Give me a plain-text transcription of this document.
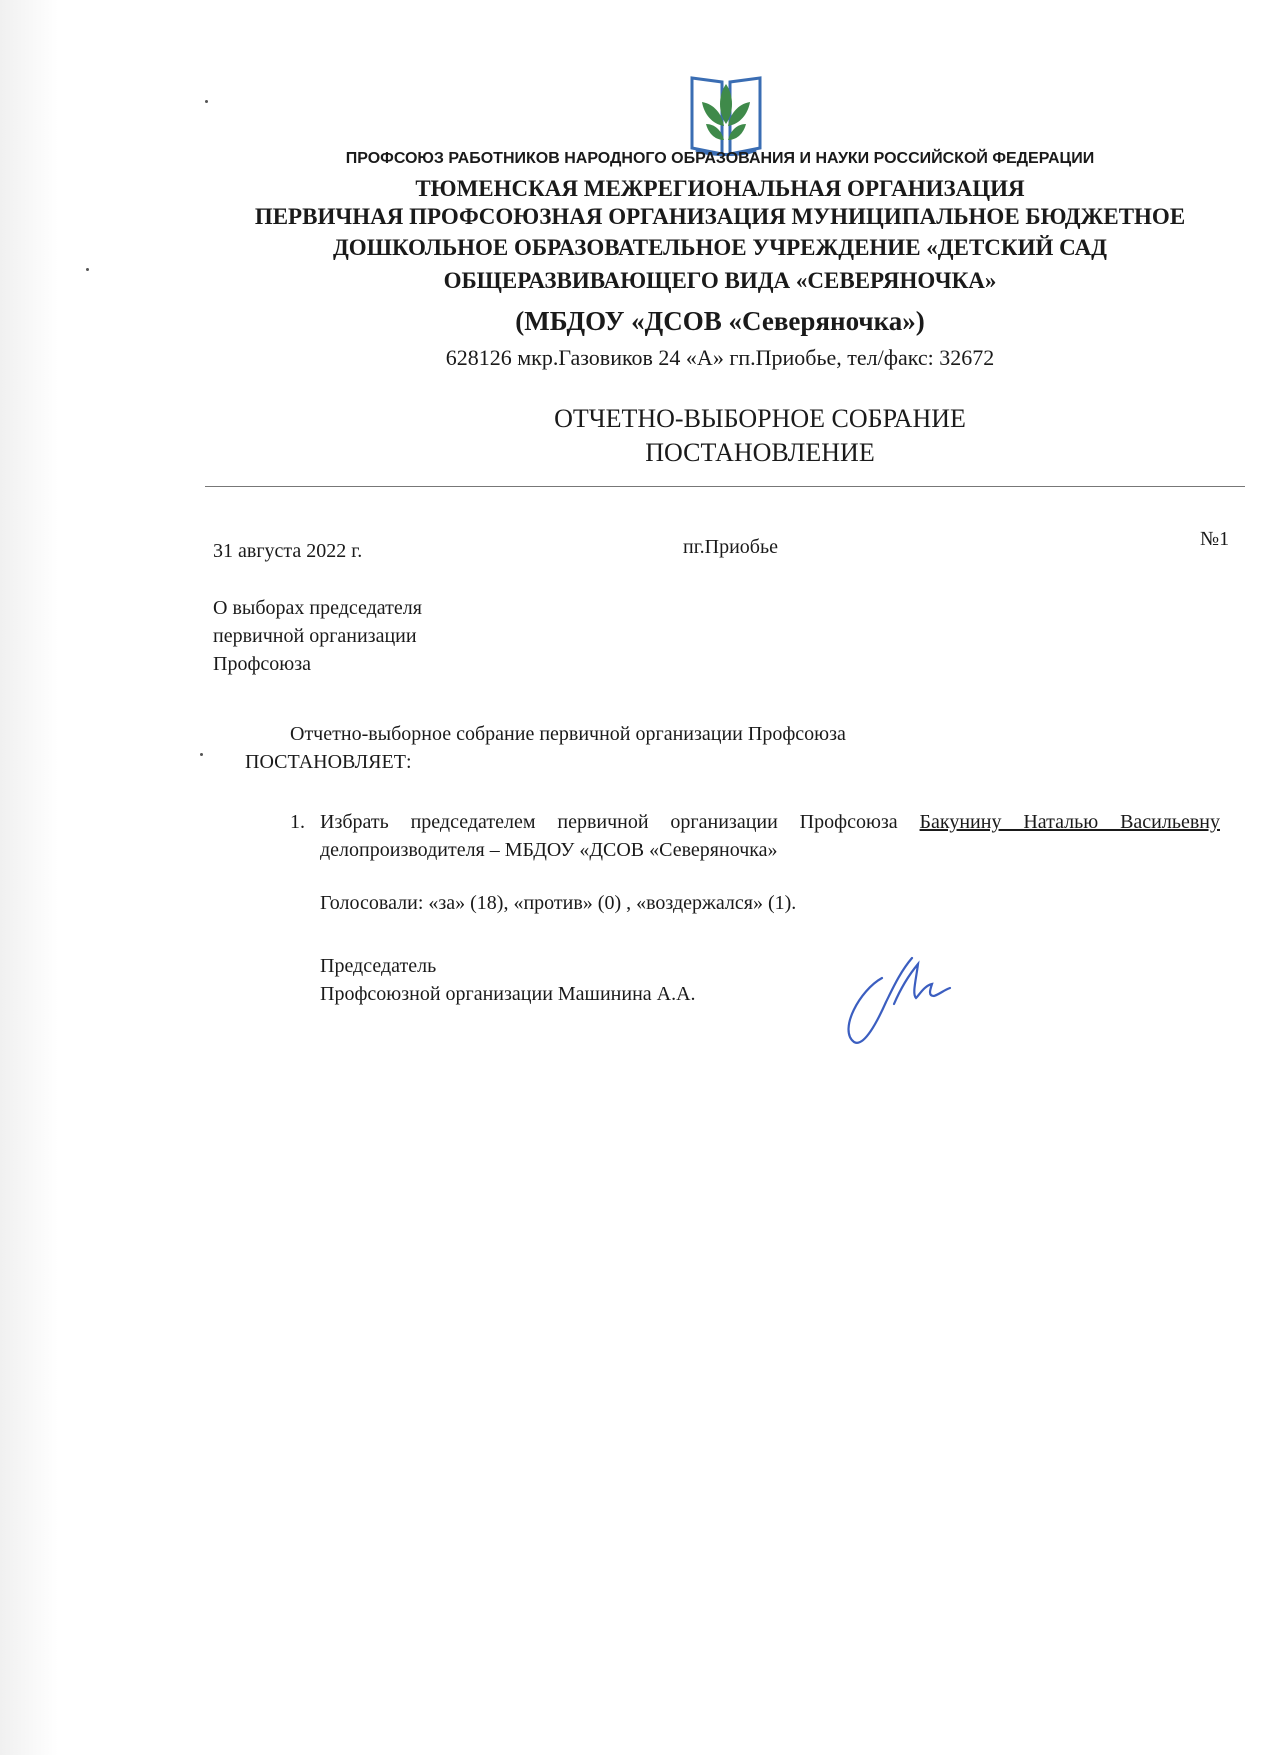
ПРОФСОЮЗ РАБОТНИКОВ НАРОДНОГО ОБРАЗОВАНИЯ И НАУКИ РОССИЙСКОЙ ФЕДЕРАЦИИ
ТЮМЕНСКАЯ МЕЖРЕГИОНАЛЬНАЯ ОРГАНИЗАЦИЯ
ПЕРВИЧНАЯ ПРОФСОЮЗНАЯ ОРГАНИЗАЦИЯ МУНИЦИПАЛЬНОЕ БЮДЖЕТНОЕ
ДОШКОЛЬНОЕ ОБРАЗОВАТЕЛЬНОЕ УЧРЕЖДЕНИЕ «ДЕТСКИЙ САД
ОБЩЕРАЗВИВАЮЩЕГО ВИДА «СЕВЕРЯНОЧКА»
(МБДОУ «ДСОВ «Северяночка»)
628126 мкр.Газовиков 24 «А» гп.Приобье, тел/факс: 32672
ОТЧЕТНО-ВЫБОРНОЕ СОБРАНИЕ
ПОСТАНОВЛЕНИЕ
31 августа 2022 г.	пг.Приобье	№1
О выборах председателя
первичной организации
Профсоюза
Отчетно-выборное собрание первичной организации Профсоюза
ПОСТАНОВЛЯЕТ:
1. Избрать председателем первичной организации Профсоюза Бакунину Наталью Васильевну делопроизводителя – МБДОУ «ДСОВ «Северяночка»
Голосовали: «за» (18), «против» (0) , «воздержался» (1).
Председатель
Профсоюзной организации Машинина А.А.
